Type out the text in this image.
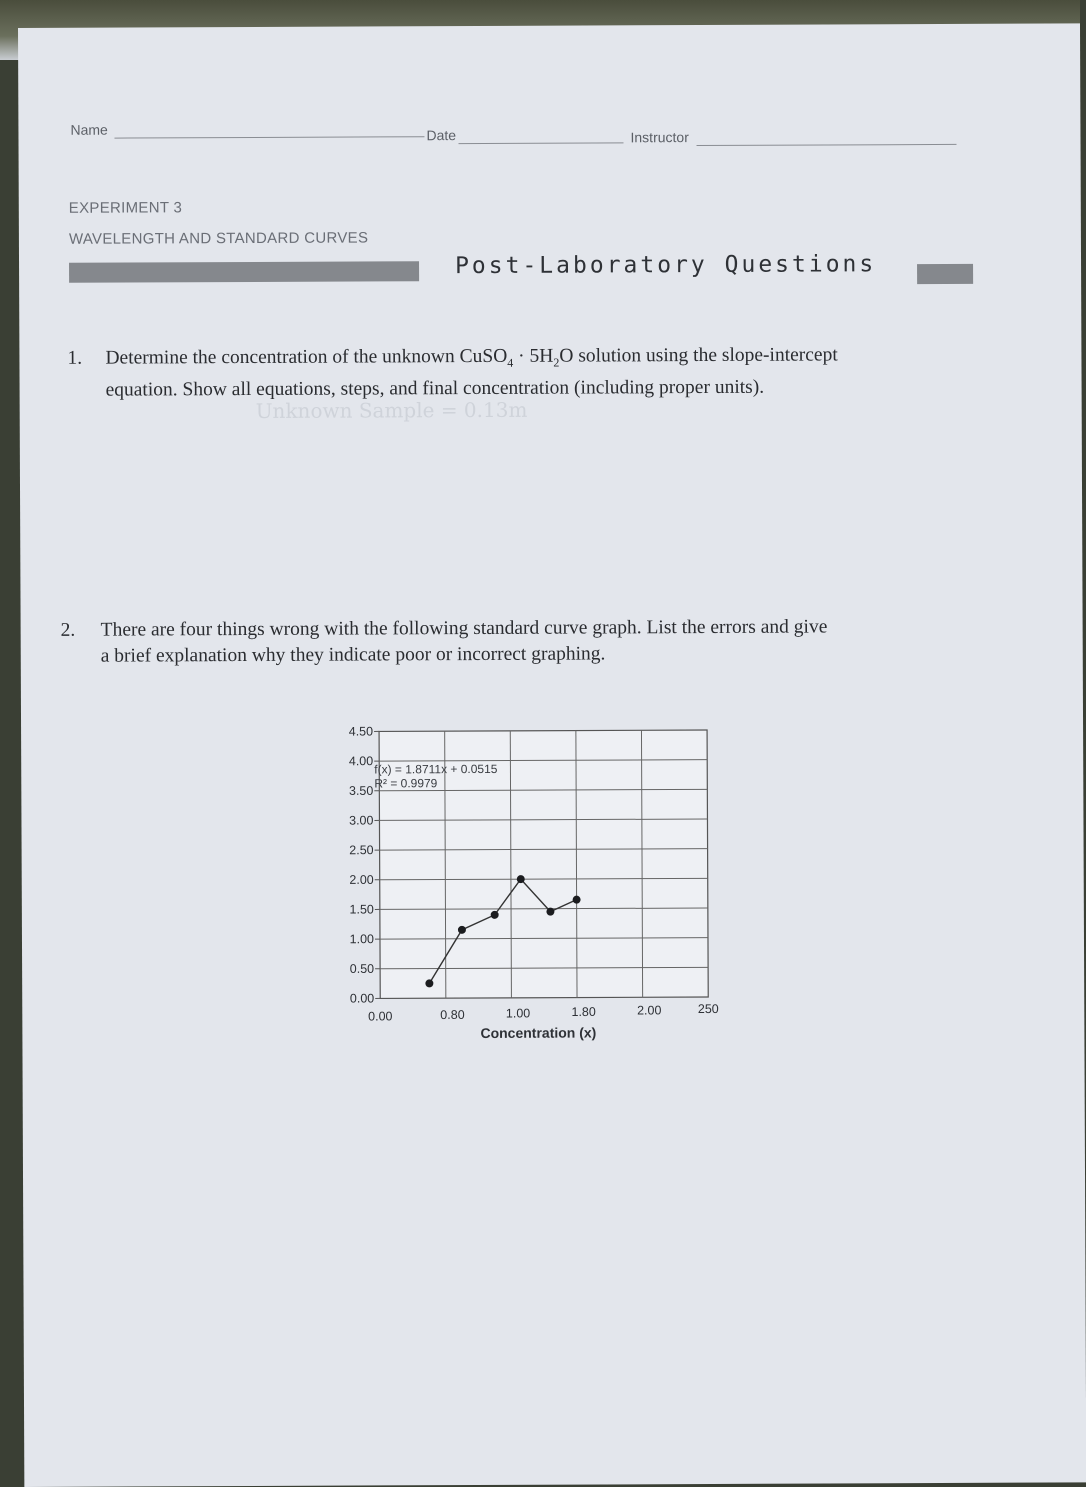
Name	Date	Instructor
EXPERIMENT 3
WAVELENGTH AND STANDARD CURVES
Post-Laboratory Questions
1. Determine the concentration of the unknown CuSO$_4$ · $5H_2O$ solution using the slope-intercept
equation. Show all equations, steps, and final concentration (including proper units).
Unknown Sample = 0.13m
2. There are four things wrong with the following standard curve graph. List the errors and give
a brief explanation why they indicate poor or incorrect graphing.
4.50
4.00
3.50
3.00
2.50
2.00
1.50
1.00
0.50
0.00
0.00	0.80	1.00	1.80	2.00	250
f(x) = 1.8711x + 0.0515
R² = 0.9979
Concentration (x)
